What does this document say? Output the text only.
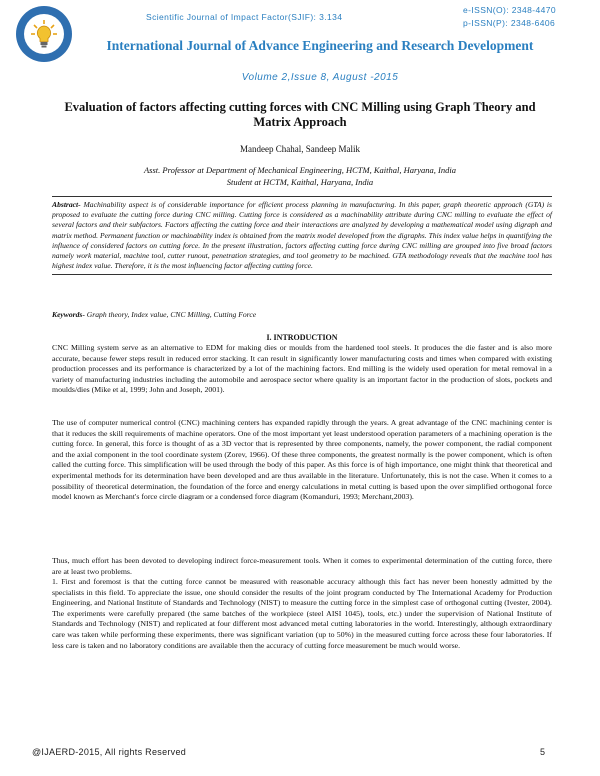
Scientific Journal of Impact Factor(SJIF): 3.134
e-ISSN(O): 2348-4470
p-ISSN(P): 2348-6406
International Journal of Advance Engineering and Research Development
Volume 2,Issue 8, August -2015
Evaluation of factors affecting cutting forces with CNC Milling using Graph Theory and Matrix Approach
Mandeep Chahal, Sandeep Malik
Asst. Professor at Department of Mechanical Engineering, HCTM, Kaithal, Haryana, India
Student at HCTM, Kaithal, Haryana, India
Abstract- Machinability aspect is of considerable importance for efficient process planning in manufacturing. In this paper, graph theoretic approach (GTA) is proposed to evaluate the cutting force during CNC milling. Cutting force is considered as a machinability attribute during CNC milling to evaluate the effect of several factors and their subfactors. Factors affecting the cutting force and their interactions are analyzed by developing a mathematical model using digraph and matrix method. Permanent function or machinability index is obtained from the matrix model developed from the digraphs. This index value helps in quantifying the influence of considered factors on cutting force. In the present illustration, factors affecting cutting force during CNC milling are grouped into five broad factors namely work material, machine tool, cutter runout, penetration strategies, and tool geometry to be machined. GTA methodology reveals that the machine tool has highest index value. Therefore, it is the most influencing factor affecting cutting force.
Keywords- Graph theory, Index value, CNC Milling, Cutting Force
I. INTRODUCTION
CNC Milling system serve as an alternative to EDM for making dies or moulds from the hardened tool steels. It produces the die faster and is also more accurate, because fewer steps result in reduced error stacking. It can result in significantly lower manufacturing costs and times when compared with existing production processes and its performance is characterized by a lot of the machining factors. End milling is the widely used operation for metal removal in a variety of manufacturing industries including the automobile and aerospace sector where quality is an important factor in the production of slots, pockets and moulds/dies (Mike et al, 1999; John and Joseph, 2001).
The use of computer numerical control (CNC) machining centers has expanded rapidly through the years. A great advantage of the CNC machining center is that it reduces the skill requirements of machine operators. One of the most important yet least understood operation parameters of a machining operation is the cutting force. In general, this force is thought of as a 3D vector that is represented by three components, namely, the power component, the radial component and the axial component in the tool coordinate system (Zorev, 1966). Of these three components, the greatest normally is the power component, which is often called the cutting force. This simplification will be used through the body of this paper. As this force is of high importance, one might think that theoretical and experimental methods for its determination have been developed and are thus available in the literature. Unfortunately, this is not the case. When it comes to a possibility of theoretical determination, the foundation of the force and energy calculations in metal cutting is based upon the over simplified orthogonal force model known as Merchant's force circle diagram or a condensed force diagram (Komanduri, 1993; Merchant,2003).
Thus, much effort has been devoted to developing indirect force-measurement tools. When it comes to experimental determination of the cutting force, there are at least two problems.
1. First and foremost is that the cutting force cannot be measured with reasonable accuracy although this fact has never been honestly admitted by the specialists in this field. To appreciate the issue, one should consider the results of the joint program conducted by The International Academy for Production Engineering, and National Institute of Standards and Technology (NIST) to measure the cutting force in the simplest case of orthogonal cutting (Ivester, 2004). The experiments were carefully prepared (the same batches of the workpiece (steel AISI 1045), tools, etc.) under the supervision of National Institute of Standards and Technology (NIST) and replicated at four different most advanced metal cutting laboratories in the world. Interestingly, although extraordinary care was taken while performing these experiments, there was significant variation (up to 50%) in the measured cutting force across these four laboratories. If less care is taken and no laboratory conditions are available then the accuracy of cutting force measurement be much would worse.
@IJAERD-2015, All rights Reserved	5
